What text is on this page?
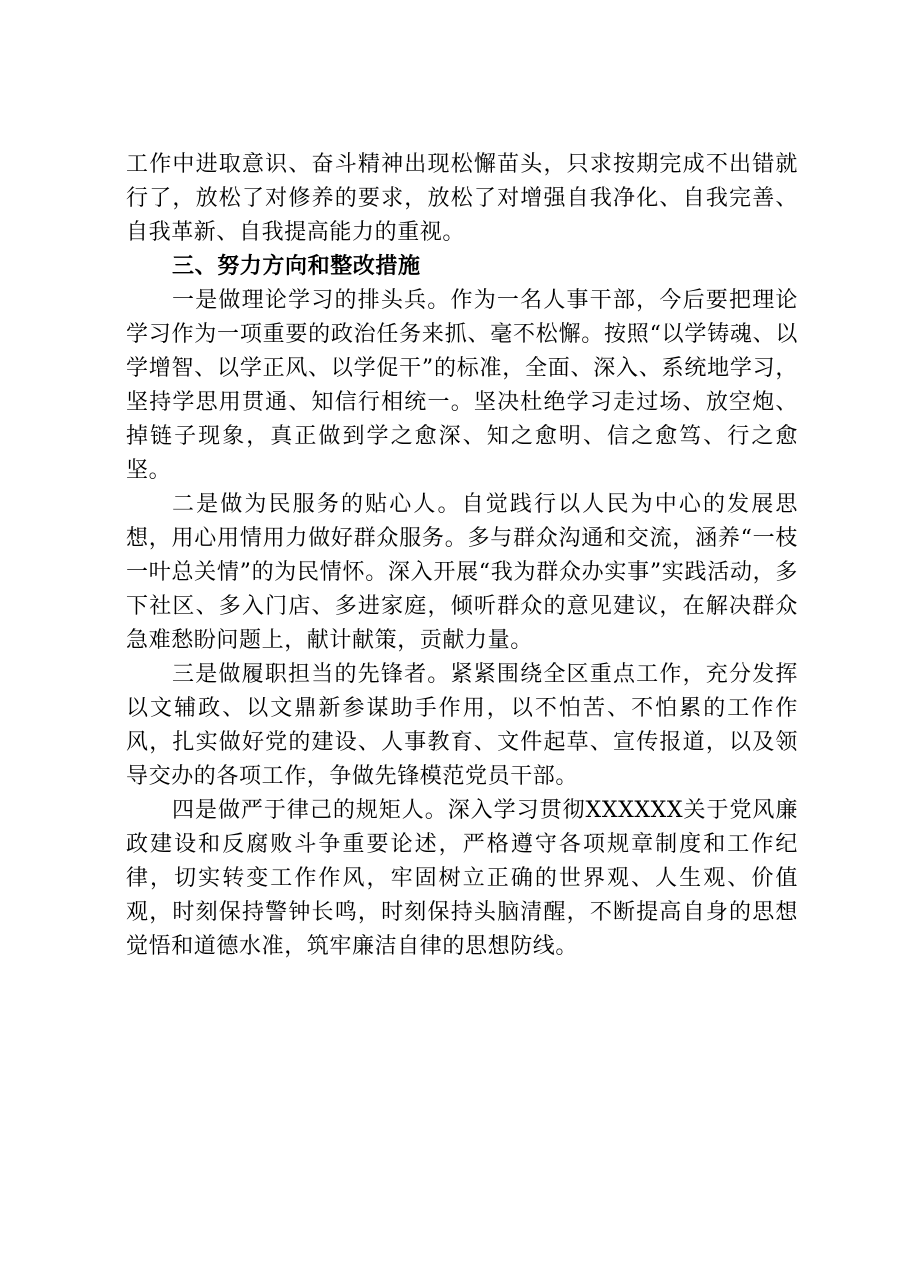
工作中进取意识、奋斗精神出现松懈苗头，只求按期完成不出错就行了，放松了对修养的要求，放松了对增强自我净化、自我完善、自我革新、自我提高能力的重视。

三、努力方向和整改措施

一是做理论学习的排头兵。作为一名人事干部，今后要把理论学习作为一项重要的政治任务来抓、毫不松懈。按照“以学铸魂、以学增智、以学正风、以学促干”的标准，全面、深入、系统地学习，坚持学思用贯通、知信行相统一。坚决杜绝学习走过场、放空炮、掉链子现象，真正做到学之愈深、知之愈明、信之愈笃、行之愈坚。

二是做为民服务的贴心人。自觉践行以人民为中心的发展思想，用心用情用力做好群众服务。多与群众沟通和交流，涵养“一枝一叶总关情”的为民情怀。深入开展“我为群众办实事”实践活动，多下社区、多入门店、多进家庭，倾听群众的意见建议，在解决群众急难愁盼问题上，献计献策，贡献力量。

三是做履职担当的先锋者。紧紧围绕全区重点工作，充分发挥以文辅政、以文鼎新参谋助手作用，以不怕苦、不怕累的工作作风，扎实做好党的建设、人事教育、文件起草、宣传报道，以及领导交办的各项工作，争做先锋模范党员干部。

四是做严于律己的规矩人。深入学习贯彻XXXXXX关于党风廉政建设和反腐败斗争重要论述，严格遵守各项规章制度和工作纪律，切实转变工作作风，牢固树立正确的世界观、人生观、价值观，时刻保持警钟长鸣，时刻保持头脑清醒，不断提高自身的思想觉悟和道德水准，筑牢廉洁自律的思想防线。
